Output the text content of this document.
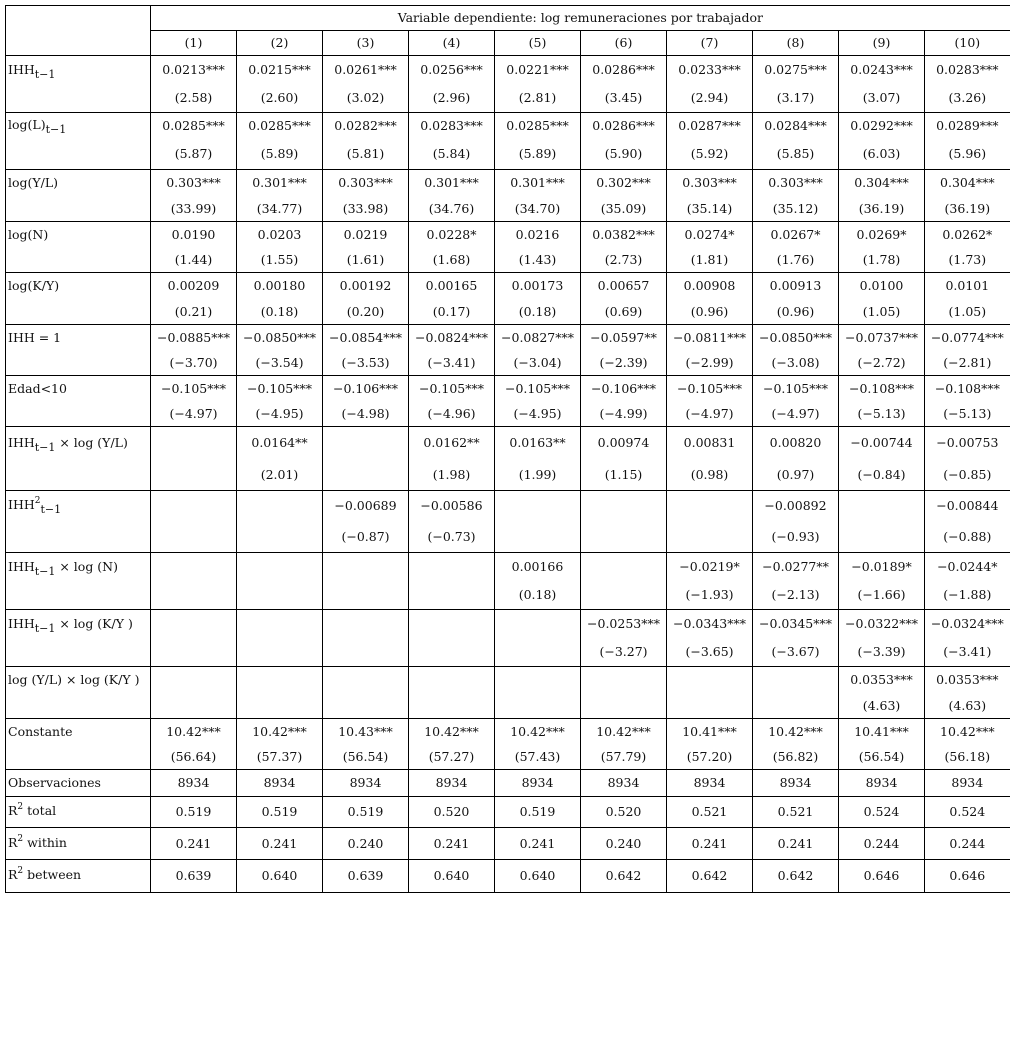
	Variable dependiente: log remuneraciones por trabajador									
	(1)	(2)	(3)	(4)	(5)	(6)	(7)	(8)	(9)	(10)
IHHt−1	0.0213***	0.0215***	0.0261***	0.0256***	0.0221***	0.0286***	0.0233***	0.0275***	0.0243***	0.0283***
	(2.58)	(2.60)	(3.02)	(2.96)	(2.81)	(3.45)	(2.94)	(3.17)	(3.07)	(3.26)
log(L)t−1	0.0285***	0.0285***	0.0282***	0.0283***	0.0285***	0.0286***	0.0287***	0.0284***	0.0292***	0.0289***
	(5.87)	(5.89)	(5.81)	(5.84)	(5.89)	(5.90)	(5.92)	(5.85)	(6.03)	(5.96)
log(Y/L)	0.303***	0.301***	0.303***	0.301***	0.301***	0.302***	0.303***	0.303***	0.304***	0.304***
	(33.99)	(34.77)	(33.98)	(34.76)	(34.70)	(35.09)	(35.14)	(35.12)	(36.19)	(36.19)
log(N)	0.0190	0.0203	0.0219	0.0228*	0.0216	0.0382***	0.0274*	0.0267*	0.0269*	0.0262*
	(1.44)	(1.55)	(1.61)	(1.68)	(1.43)	(2.73)	(1.81)	(1.76)	(1.78)	(1.73)
log(K/Y)	0.00209	0.00180	0.00192	0.00165	0.00173	0.00657	0.00908	0.00913	0.0100	0.0101
	(0.21)	(0.18)	(0.20)	(0.17)	(0.18)	(0.69)	(0.96)	(0.96)	(1.05)	(1.05)
IHH = 1	−0.0885***	−0.0850***	−0.0854***	−0.0824***	−0.0827***	−0.0597**	−0.0811***	−0.0850***	−0.0737***	−0.0774***
	(−3.70)	(−3.54)	(−3.53)	(−3.41)	(−3.04)	(−2.39)	(−2.99)	(−3.08)	(−2.72)	(−2.81)
Edad<10	−0.105***	−0.105***	−0.106***	−0.105***	−0.105***	−0.106***	−0.105***	−0.105***	−0.108***	−0.108***
	(−4.97)	(−4.95)	(−4.98)	(−4.96)	(−4.95)	(−4.99)	(−4.97)	(−4.97)	(−5.13)	(−5.13)
IHHt−1 × log (Y/L)		0.0164**		0.0162**	0.0163**	0.00974	0.00831	0.00820	−0.00744	−0.00753
		(2.01)		(1.98)	(1.99)	(1.15)	(0.98)	(0.97)	(−0.84)	(−0.85)
$IHH^2t-1$			−0.00689	−0.00586				−0.00892		−0.00844
			(−0.87)	(−0.73)				(−0.93)		(−0.88)
IHHt−1 × log (N)					0.00166		−0.0219*	−0.0277**	−0.0189*	−0.0244*
					(0.18)		(−1.93)	(−2.13)	(−1.66)	(−1.88)
IHHt−1 × log (K/Y )						−0.0253***	−0.0343***	−0.0345***	−0.0322***	−0.0324***
						(−3.27)	(−3.65)	(−3.67)	(−3.39)	(−3.41)
log (Y/L) × log (K/Y )									0.0353***	0.0353***
									(4.63)	(4.63)
Constante	10.42***	10.42***	10.43***	10.42***	10.42***	10.42***	10.41***	10.42***	10.41***	10.42***
	(56.64)	(57.37)	(56.54)	(57.27)	(57.43)	(57.79)	(57.20)	(56.82)	(56.54)	(56.18)
Observaciones	8934	8934	8934	8934	8934	8934	8934	8934	8934	8934
$R^2$ total	0.519	0.519	0.519	0.520	0.519	0.520	0.521	0.521	0.524	0.524
$R^2$ within	0.241	0.241	0.240	0.241	0.241	0.240	0.241	0.241	0.244	0.244
$R^2$ between	0.639	0.640	0.639	0.640	0.640	0.642	0.642	0.642	0.646	0.646
